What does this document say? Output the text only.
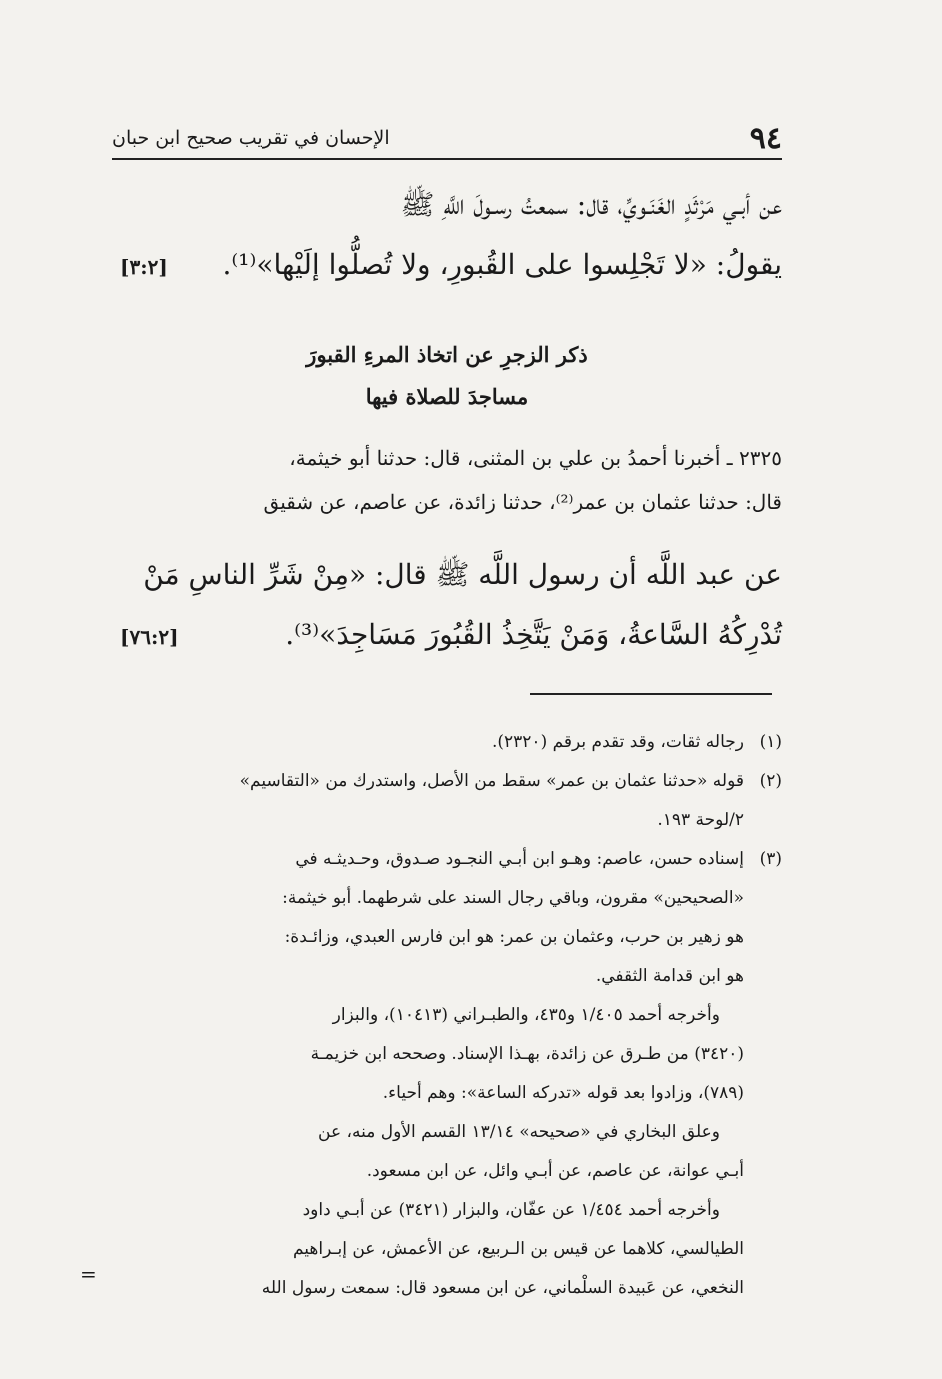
٩٤
الإحسان في تقريب صحيح ابن حبان
عن أبـي مَرْثَدٍ الغَنَـويِّ، قال: سمعتُ رسـولَ اللَّهِ ﷺ
يقولُ: «لا تَجْلِسوا على القُبورِ، ولا تُصلُّوا إلَيْها»⁽¹⁾.
[٣:٢]
ذكر الزجرِ عن اتخاذ المرءِ القبورَ
مساجدَ للصلاة فيها
٢٣٢٥ ـ أخبرنا أحمدُ بن علي بن المثنى، قال: حدثنا أبو خيثمة،
قال: حدثنا عثمان بن عمر⁽²⁾، حدثنا زائدة، عن عاصم، عن شقيق
عن عبد اللَّه أن رسول اللَّه ﷺ قال: «مِنْ شَرِّ الناسِ مَنْ
تُدْرِكُهُ السَّاعةُ، وَمَنْ يَتَّخِذُ القُبُورَ مَسَاجِدَ»⁽³⁾.
[٧٦:٢]
(١)رجاله ثقات، وقد تقدم برقم (٢٣٢٠).
(٢)قوله «حدثنا عثمان بن عمر» سقط من الأصل، واستدرك من «التقاسيم»
٢/لوحة ١٩٣.
(٣)إسناده حسن، عاصم: وهـو ابن أبـي النجـود صـدوق، وحـديثـه في
«الصحيحين» مقرون، وباقي رجال السند على شرطهما. أبو خيثمة:
هو زهير بن حرب، وعثمان بن عمر: هو ابن فارس العبدي، وزائـدة:
هو ابن قدامة الثقفي.
وأخرجه أحمد ١/٤٠٥ و٤٣٥، والطبـراني (١٠٤١٣)، والبزار
(٣٤٢٠) من طـرق عن زائدة، بهـذا الإسناد. وصححه ابن خزيمـة
(٧٨٩)، وزادوا بعد قوله «تدركه الساعة»: وهم أحياء.
وعلق البخاري في «صحيحه» ١٣/١٤ القسم الأول منه، عن
أبـي عوانة، عن عاصم، عن أبـي وائل، عن ابن مسعود.
وأخرجه أحمد ١/٤٥٤ عن عفّان، والبزار (٣٤٢١) عن أبـي داود
الطيالسي، كلاهما عن قيس بن الـربيع، عن الأعمش، عن إبـراهيم
النخعي، عن عَبيدة السلْماني، عن ابن مسعود قال: سمعت رسول الله
=
